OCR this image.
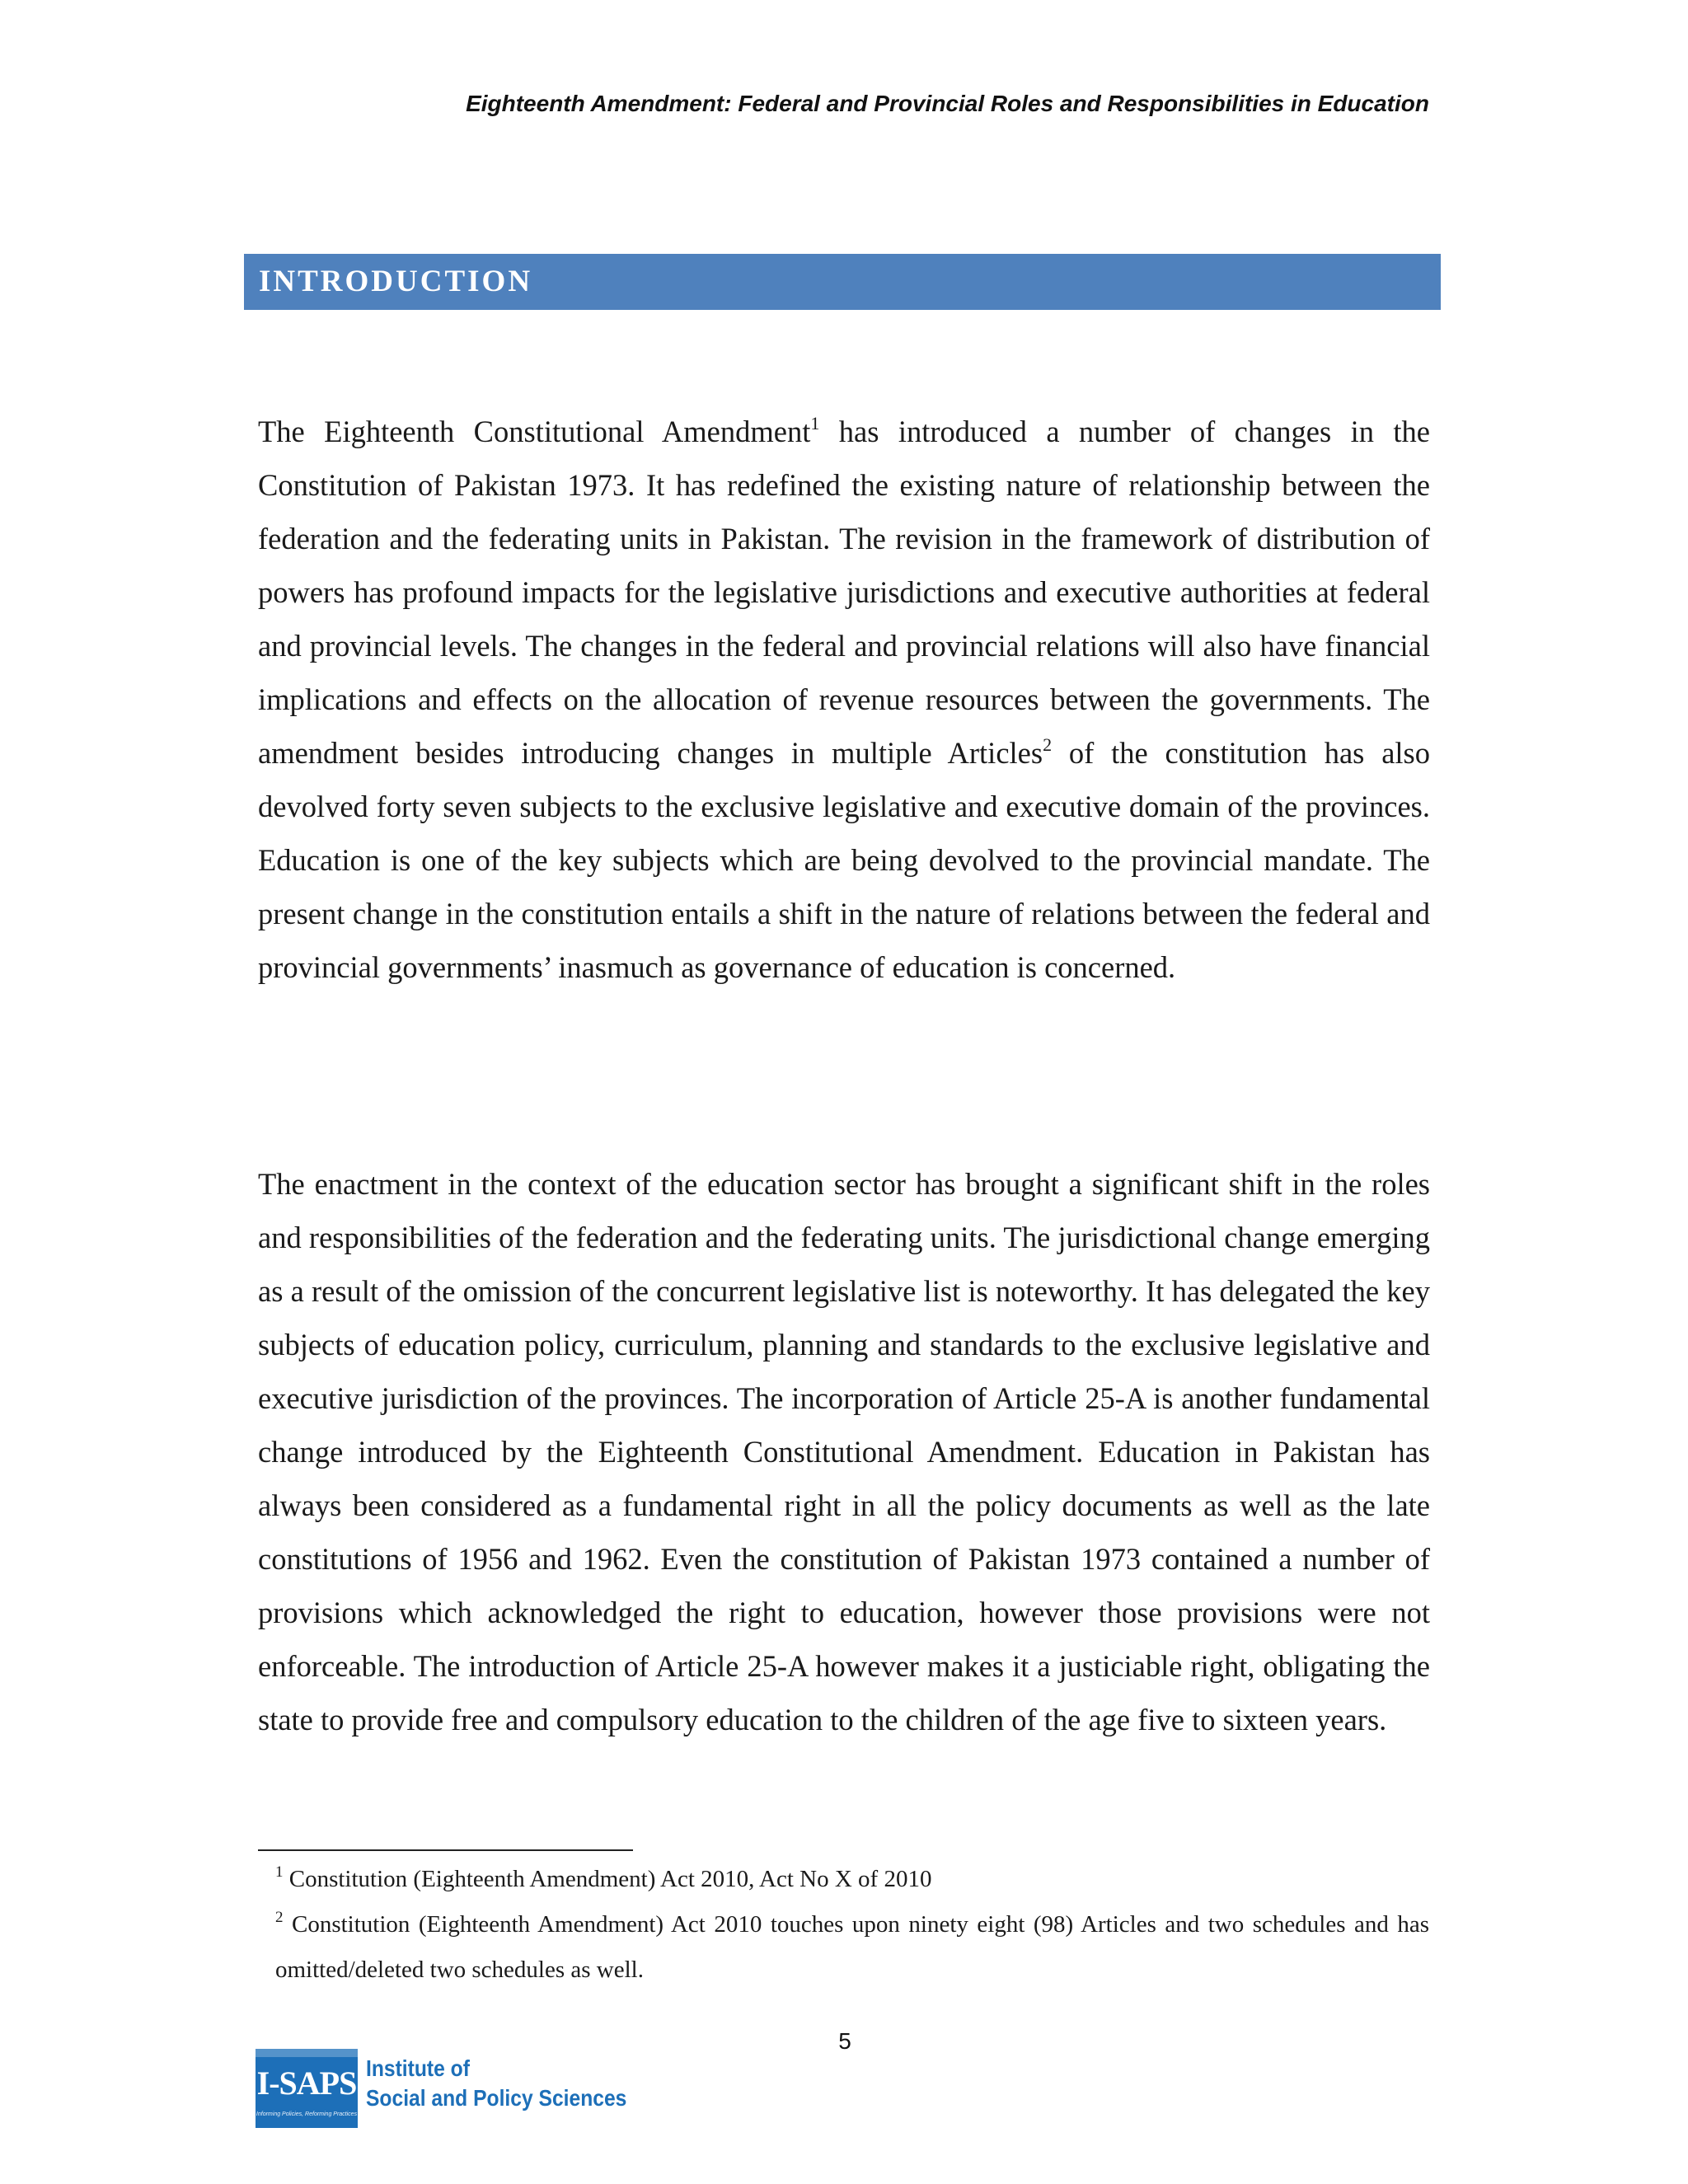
Eighteenth Amendment: Federal and Provincial Roles and Responsibilities in Education
INTRODUCTION

The Eighteenth Constitutional Amendment$^1$ has introduced a number of changes in the Constitution of Pakistan 1973. It has redefined the existing nature of relationship between the federation and the federating units in Pakistan. The revision in the framework of distribution of powers has profound impacts for the legislative jurisdictions and executive authorities at federal and provincial levels. The changes in the federal and provincial relations will also have financial implications and effects on the allocation of revenue resources between the governments. The amendment besides introducing changes in multiple Articles$^2$ of the constitution has also devolved forty seven subjects to the exclusive legislative and executive domain of the provinces. Education is one of the key subjects which are being devolved to the provincial mandate. The present change in the constitution entails a shift in the nature of relations between the federal and provincial governments’ inasmuch as governance of education is concerned.

The enactment in the context of the education sector has brought a significant shift in the roles and responsibilities of the federation and the federating units. The jurisdictional change emerging as a result of the omission of the concurrent legislative list is noteworthy. It has delegated the key subjects of education policy, curriculum, planning and standards to the exclusive legislative and executive jurisdiction of the provinces. The incorporation of Article 25-A is another fundamental change introduced by the Eighteenth Constitutional Amendment. Education in Pakistan has always been considered as a fundamental right in all the policy documents as well as the late constitutions of 1956 and 1962. Even the constitution of Pakistan 1973 contained a number of provisions which acknowledged the right to education, however those provisions were not enforceable. The introduction of Article 25-A however makes it a justiciable right, obligating the state to provide free and compulsory education to the children of the age five to sixteen years.

$^1$ Constitution (Eighteenth Amendment) Act 2010, Act No X of 2010

$^2$ Constitution (Eighteenth Amendment) Act 2010 touches upon ninety eight (98) Articles and two schedules and has omitted/deleted two schedules as well.

5
I-SAPS
Informing Policies, Reforming Practices
Institute of
Social and Policy Sciences
